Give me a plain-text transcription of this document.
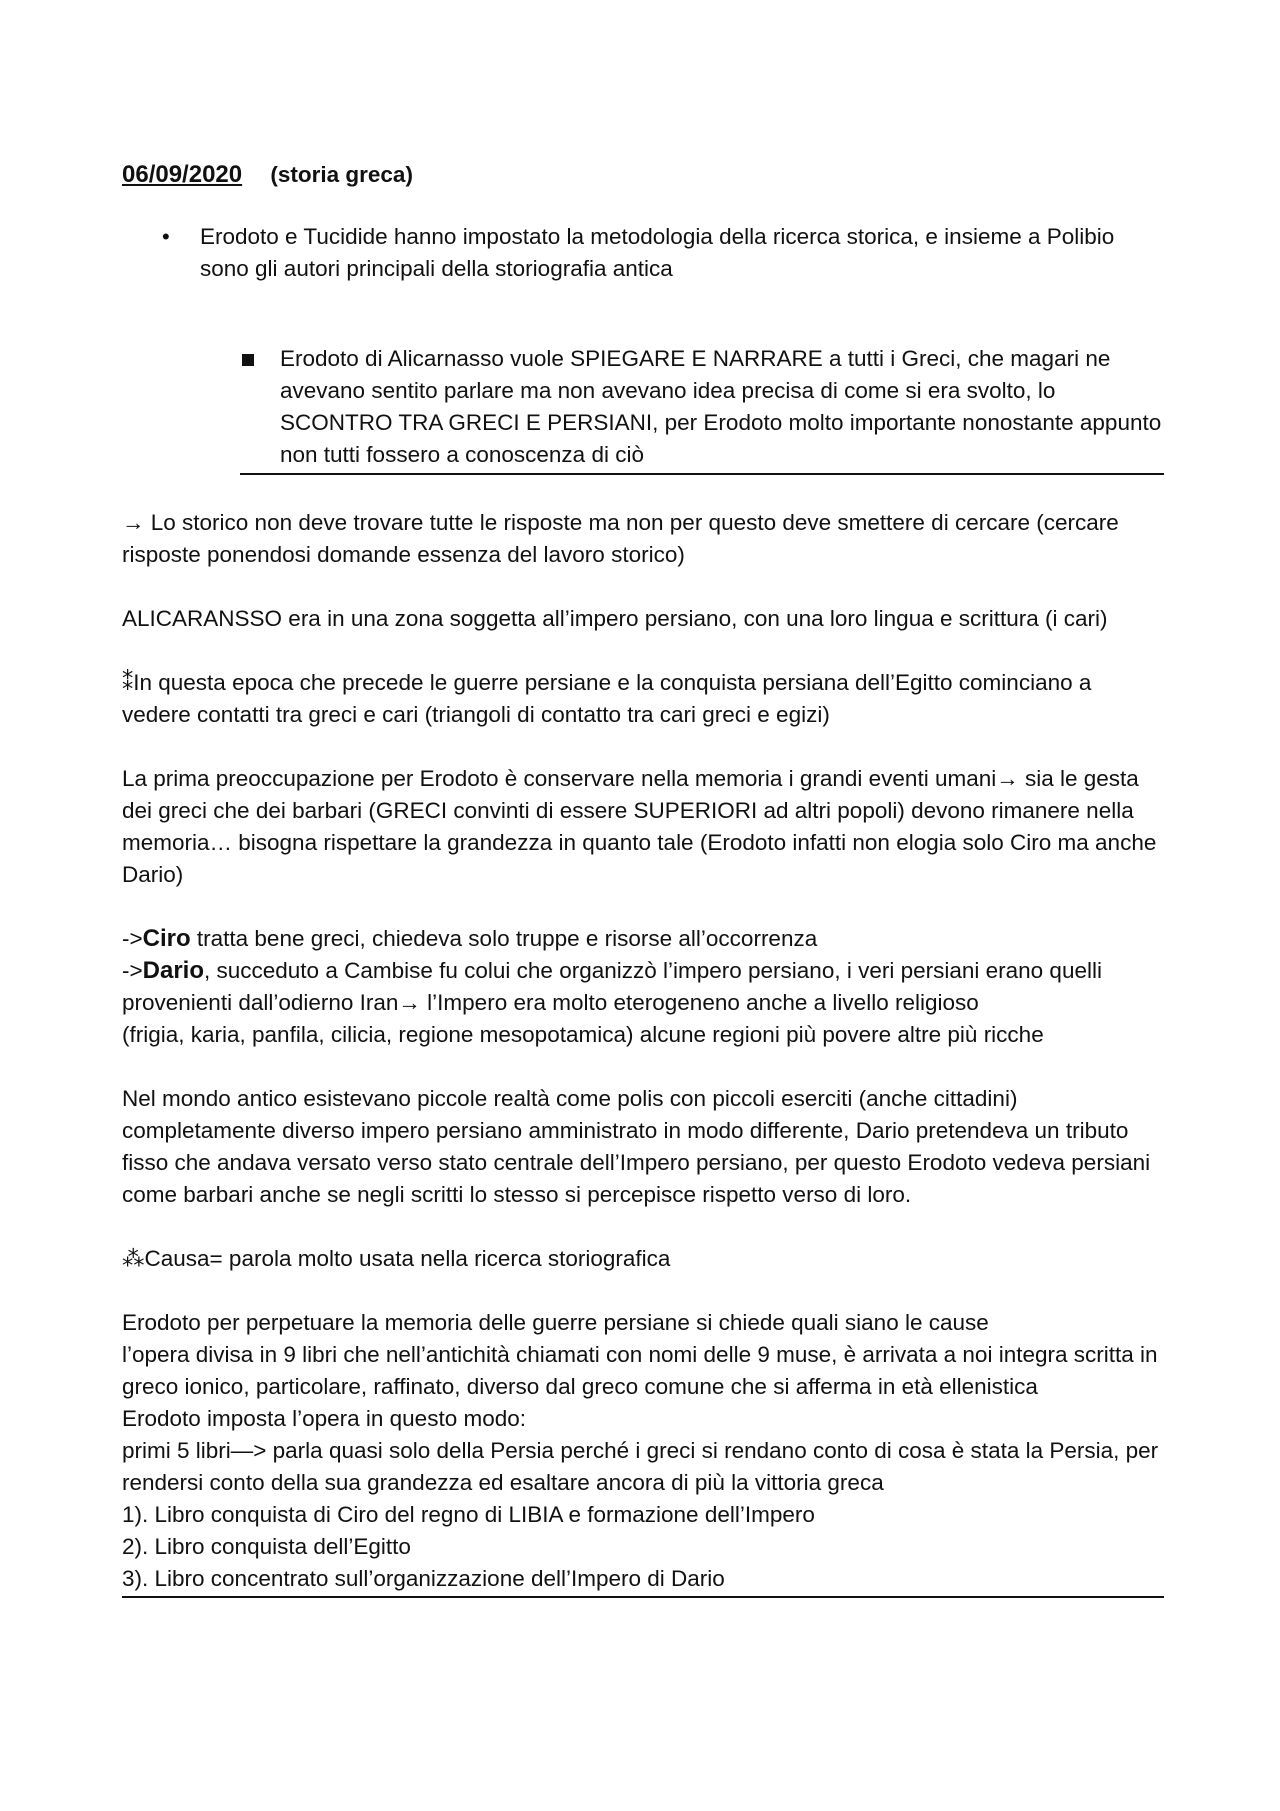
06/09/2020 (storia greca)
•	Erodoto e Tucidide hanno impostato la metodologia della ricerca storica, e insieme a Polibio sono gli autori principali della storiografia antica
Erodoto di Alicarnasso vuole SPIEGARE E NARRARE a tutti i Greci, che magari ne avevano sentito parlare ma non avevano idea precisa di come si era svolto, lo SCONTRO TRA GRECI E PERSIANI, per Erodoto molto importante nonostante appunto non tutti fossero a conoscenza di ciò

→ Lo storico non deve trovare tutte le risposte ma non per questo deve smettere di cercare (cercare risposte ponendosi domande essenza del lavoro storico)

ALICARANSSO era in una zona soggetta all’impero persiano, con una loro lingua e scrittura (i cari)

⁑In questa epoca che precede le guerre persiane e la conquista persiana dell’Egitto cominciano a vedere contatti tra greci e cari (triangoli di contatto tra cari greci e egizi)

La prima preoccupazione per Erodoto è conservare nella memoria i grandi eventi umani→ sia le gesta dei greci che dei barbari (GRECI convinti di essere SUPERIORI ad altri popoli) devono rimanere nella memoria… bisogna rispettare la grandezza in quanto tale (Erodoto infatti non elogia solo Ciro ma anche Dario)

->Ciro tratta bene greci, chiedeva solo truppe e risorse all’occorrenza
->Dario, succeduto a Cambise fu colui che organizzò l’impero persiano, i veri persiani erano quelli provenienti dall’odierno Iran→ l’Impero era molto eterogeneno anche a livello religioso
(frigia, karia, panfila, cilicia, regione mesopotamica) alcune regioni più povere altre più ricche

Nel mondo antico esistevano piccole realtà come polis con piccoli eserciti (anche cittadini) completamente diverso impero persiano amministrato in modo differente, Dario pretendeva un tributo fisso che andava versato verso stato centrale dell’Impero persiano, per questo Erodoto vedeva persiani come barbari anche se negli scritti lo stesso si percepisce rispetto verso di loro.

⁂Causa= parola molto usata nella ricerca storiografica

Erodoto per perpetuare la memoria delle guerre persiane si chiede quali siano le cause
l’opera divisa in 9 libri che nell’antichità chiamati con nomi delle 9 muse, è arrivata a noi integra scritta in greco ionico, particolare, raffinato, diverso dal greco comune che si afferma in età ellenistica
Erodoto imposta l’opera in questo modo:
primi 5 libri—> parla quasi solo della Persia perché i greci si rendano conto di cosa è stata la Persia, per rendersi conto della sua grandezza ed esaltare ancora di più la vittoria greca
1). Libro conquista di Ciro del regno di LIBIA e formazione dell’Impero
2). Libro conquista dell’Egitto
3). Libro concentrato sull’organizzazione dell’Impero di Dario
